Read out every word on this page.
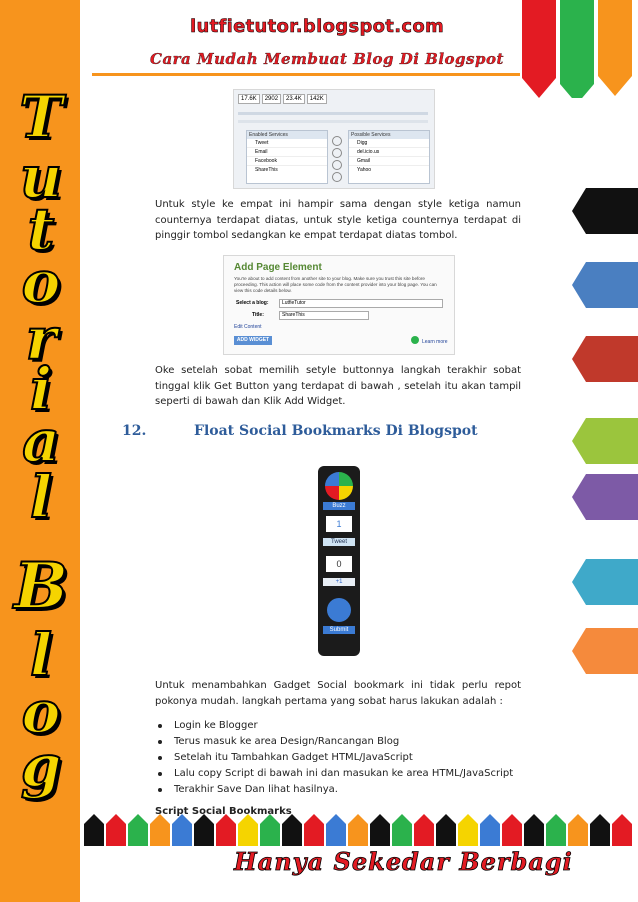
T
u
t
o
r
i
a
l
B
l
o
g
lutfietutor.blogspot.com
Cara Mudah Membuat Blog Di Blogspot
17.6K	2902	23.4K	142K
Enabled Services
Tweet
Email
Facebook
ShareThis
Possible Services
Digg
del.icio.us
Gmail
Yahoo
Untuk style ke empat ini hampir sama dengan style ketiga namun counternya terdapat diatas, untuk style ketiga counternya terdapat di pinggir tombol sedangkan ke empat terdapat diatas tombol.
Add Page Element
You're about to add content from another site to your blog. Make sure you trust this site before proceeding. This action will place some code from the content provider into your blog page. You can view this code details below.
Select a blog:	LutfieTutor
Title:	ShareThis
Edit Content
ADD WIDGET	Learn more
Oke setelah sobat memilih setyle buttonnya langkah terakhir sobat tinggal klik Get Button yang terdapat di bawah , setelah itu akan tampil seperti di bawah dan Klik Add Widget.
12.	Float Social Bookmarks Di Blogspot
Buzz
1
Tweet
0
+1
Submit
Untuk menambahkan Gadget Social bookmark ini tidak perlu repot pokonya mudah. langkah pertama yang sobat harus lakukan adalah :
Login ke Blogger
Terus masuk ke area Design/Rancangan Blog
Setelah itu Tambahkan Gadget HTML/JavaScript
Lalu copy Script di bawah ini dan masukan ke area HTML/JavaScript
Terakhir Save Dan lihat hasilnya.
Script Social Bookmarks
Hanya Sekedar Berbagi
